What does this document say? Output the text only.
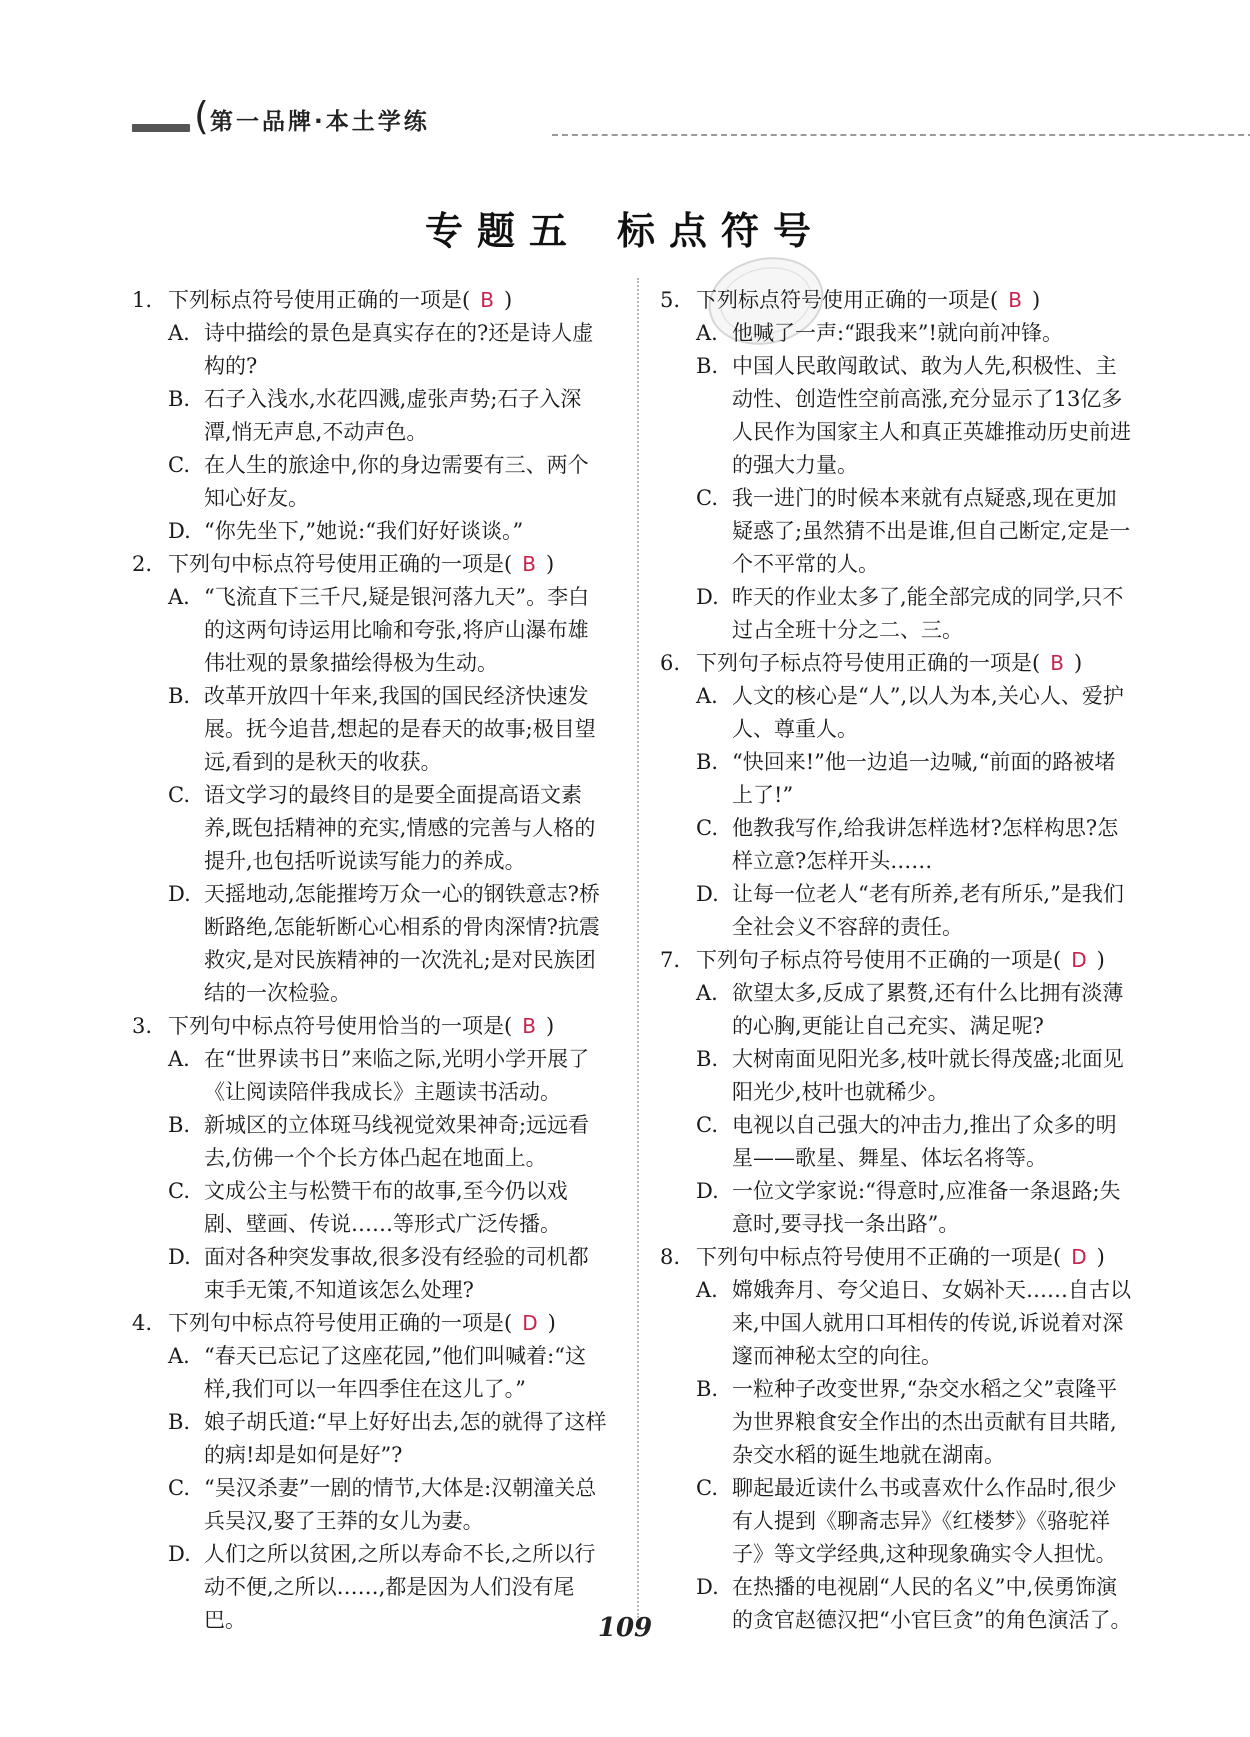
( 第一品牌·本土学练
专题五 标点符号
1. 下列标点符号使用正确的一项是( B )
A. 诗中描绘的景色是真实存在的?还是诗人虚构的?
B. 石子入浅水,水花四溅,虚张声势;石子入深潭,悄无声息,不动声色。
C. 在人生的旅途中,你的身边需要有三、两个知心好友。
D. “你先坐下,”她说:“我们好好谈谈。”
2. 下列句中标点符号使用正确的一项是( B )
A. “飞流直下三千尺,疑是银河落九天”。李白的这两句诗运用比喻和夸张,将庐山瀑布雄伟壮观的景象描绘得极为生动。
B. 改革开放四十年来,我国的国民经济快速发展。抚今追昔,想起的是春天的故事;极目望远,看到的是秋天的收获。
C. 语文学习的最终目的是要全面提高语文素养,既包括精神的充实,情感的完善与人格的提升,也包括听说读写能力的养成。
D. 天摇地动,怎能摧垮万众一心的钢铁意志?桥断路绝,怎能斩断心心相系的骨肉深情?抗震救灾,是对民族精神的一次洗礼;是对民族团结的一次检验。
3. 下列句中标点符号使用恰当的一项是( B )
A. 在“世界读书日”来临之际,光明小学开展了《让阅读陪伴我成长》主题读书活动。
B. 新城区的立体斑马线视觉效果神奇;远远看去,仿佛一个个长方体凸起在地面上。
C. 文成公主与松赞干布的故事,至今仍以戏剧、壁画、传说……等形式广泛传播。
D. 面对各种突发事故,很多没有经验的司机都束手无策,不知道该怎么处理?
4. 下列句中标点符号使用正确的一项是( D )
A. “春天已忘记了这座花园,”他们叫喊着:“这样,我们可以一年四季住在这儿了。”
B. 娘子胡氏道:“早上好好出去,怎的就得了这样的病!却是如何是好”?
C. “吴汉杀妻”一剧的情节,大体是:汉朝潼关总兵吴汉,娶了王莽的女儿为妻。
D. 人们之所以贫困,之所以寿命不长,之所以行动不便,之所以……,都是因为人们没有尾巴。
5. 下列标点符号使用正确的一项是( B )
A. 他喊了一声:“跟我来”!就向前冲锋。
B. 中国人民敢闯敢试、敢为人先,积极性、主动性、创造性空前高涨,充分显示了13亿多人民作为国家主人和真正英雄推动历史前进的强大力量。
C. 我一进门的时候本来就有点疑惑,现在更加疑惑了;虽然猜不出是谁,但自己断定,定是一个不平常的人。
D. 昨天的作业太多了,能全部完成的同学,只不过占全班十分之二、三。
6. 下列句子标点符号使用正确的一项是( B )
A. 人文的核心是“人”,以人为本,关心人、爱护人、尊重人。
B. “快回来!”他一边追一边喊,“前面的路被堵上了!”
C. 他教我写作,给我讲怎样选材?怎样构思?怎样立意?怎样开头……
D. 让每一位老人“老有所养,老有所乐,”是我们全社会义不容辞的责任。
7. 下列句子标点符号使用不正确的一项是( D )
A. 欲望太多,反成了累赘,还有什么比拥有淡薄的心胸,更能让自己充实、满足呢?
B. 大树南面见阳光多,枝叶就长得茂盛;北面见阳光少,枝叶也就稀少。
C. 电视以自己强大的冲击力,推出了众多的明星——歌星、舞星、体坛名将等。
D. 一位文学家说:“得意时,应准备一条退路;失意时,要寻找一条出路”。
8. 下列句中标点符号使用不正确的一项是( D )
A. 嫦娥奔月、夸父追日、女娲补天……自古以来,中国人就用口耳相传的传说,诉说着对深邃而神秘太空的向往。
B. 一粒种子改变世界,“杂交水稻之父”袁隆平为世界粮食安全作出的杰出贡献有目共睹,杂交水稻的诞生地就在湖南。
C. 聊起最近读什么书或喜欢什么作品时,很少有人提到《聊斋志异》《红楼梦》《骆驼祥子》等文学经典,这种现象确实令人担忧。
D. 在热播的电视剧“人民的名义”中,侯勇饰演的贪官赵德汉把“小官巨贪”的角色演活了。
109
